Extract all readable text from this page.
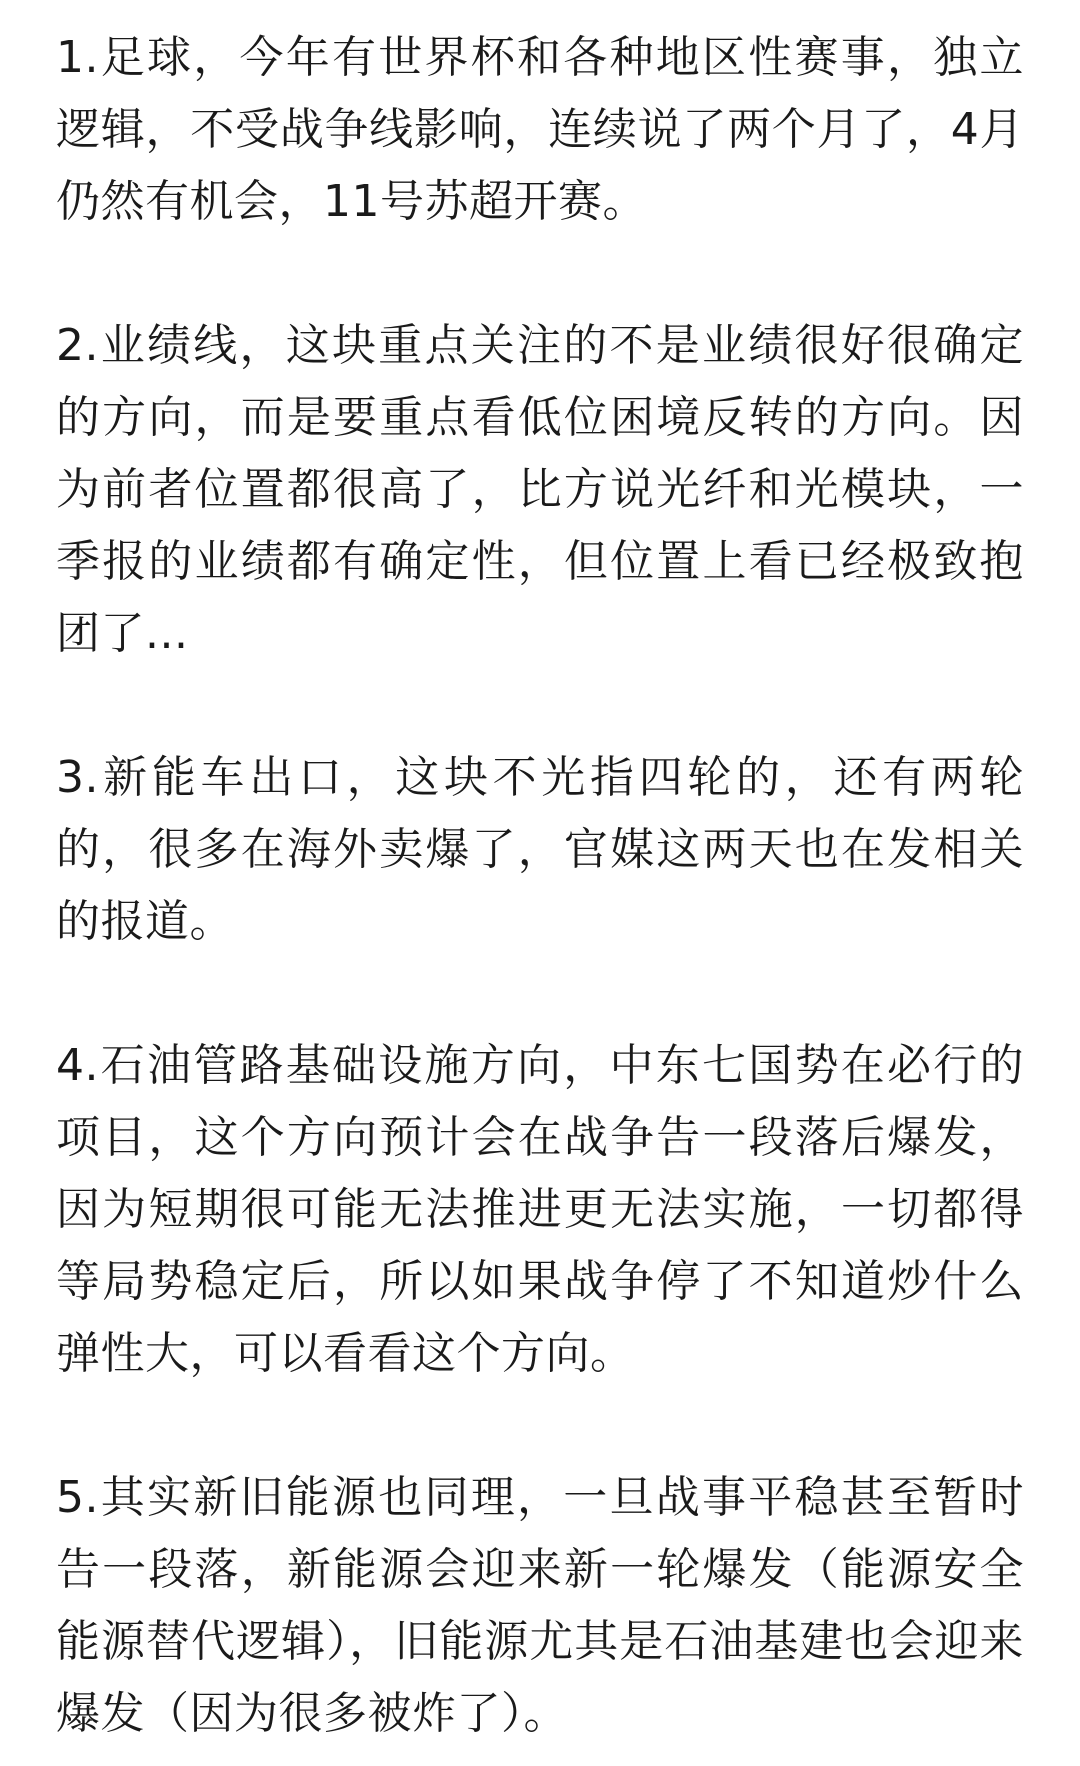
1.足球，今年有世界杯和各种地区性赛事，独立逻辑，不受战争线影响，连续说了两个月了，4月仍然有机会，11号苏超开赛。

2.业绩线，这块重点关注的不是业绩很好很确定的方向，而是要重点看低位困境反转的方向。因为前者位置都很高了，比方说光纤和光模块，一季报的业绩都有确定性，但位置上看已经极致抱团了...

3.新能车出口，这块不光指四轮的，还有两轮的，很多在海外卖爆了，官媒这两天也在发相关的报道。

4.石油管路基础设施方向，中东七国势在必行的项目，这个方向预计会在战争告一段落后爆发，因为短期很可能无法推进更无法实施，一切都得等局势稳定后，所以如果战争停了不知道炒什么弹性大，可以看看这个方向。

5.其实新旧能源也同理，一旦战事平稳甚至暂时告一段落，新能源会迎来新一轮爆发（能源安全能源替代逻辑），旧能源尤其是石油基建也会迎来爆发（因为很多被炸了）。
